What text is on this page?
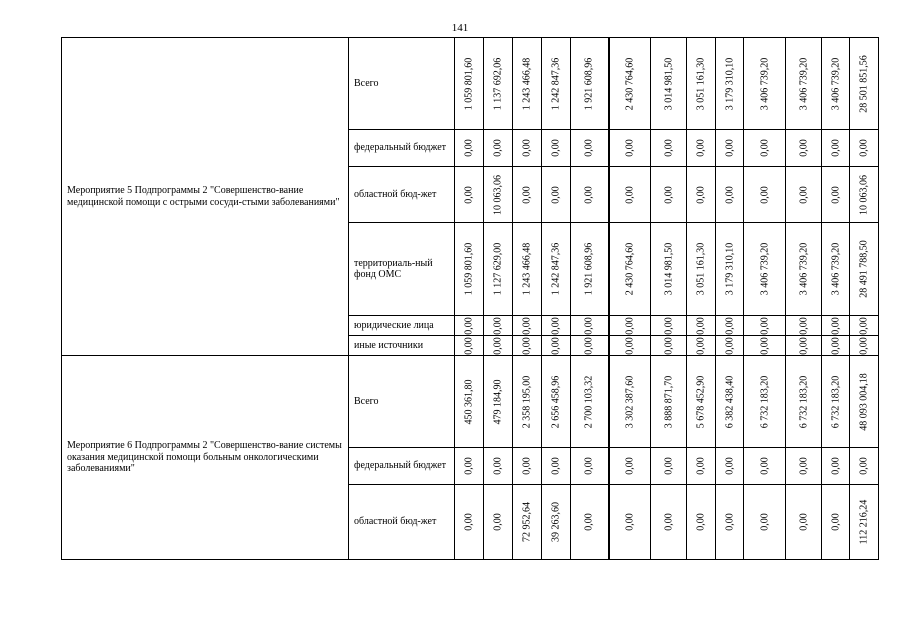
141
Мероприятие 5 Подпрограммы 2 "Совершенство-вание медицинской помощи с острыми сосуди-стыми заболеваниями"	Всего	1 059 801,60	1 137 692,06	1 243 466,48	1 242 847,36	1 921 608,96	2 430 764,60	3 014 981,50	3 051 161,30	3 179 310,10	3 406 739,20	3 406 739,20	3 406 739,20	28 501 851,56

	федеральный бюджет	0,00	0,00	0,00	0,00	0,00	0,00	0,00	0,00	0,00	0,00	0,00	0,00	0,00

	областной бюд-жет	0,00	10 063,06	0,00	0,00	0,00	0,00	0,00	0,00	0,00	0,00	0,00	0,00	10 063,06

	территориаль-ный фонд ОМС	1 059 801,60	1 127 629,00	1 243 466,48	1 242 847,36	1 921 608,96	2 430 764,60	3 014 981,50	3 051 161,30	3 179 310,10	3 406 739,20	3 406 739,20	3 406 739,20	28 491 788,50

	юридические лица	0,00	0,00	0,00	0,00	0,00	0,00	0,00	0,00	0,00	0,00	0,00	0,00	0,00

	иные источники	0,00	0,00	0,00	0,00	0,00	0,00	0,00	0,00	0,00	0,00	0,00	0,00	0,00

Мероприятие 6 Подпрограммы 2 "Совершенство-вание системы оказания медицинской помощи больным онкологическими заболеваниями"	Всего	450 361,80	479 184,90	2 358 195,00	2 656 458,96	2 700 103,32	3 302 387,60	3 888 871,70	5 678 452,90	6 382 438,40	6 732 183,20	6 732 183,20	6 732 183,20	48 093 004,18

	федеральный бюджет	0,00	0,00	0,00	0,00	0,00	0,00	0,00	0,00	0,00	0,00	0,00	0,00	0,00

	областной бюд-жет	0,00	0,00	72 952,64	39 263,60	0,00	0,00	0,00	0,00	0,00	0,00	0,00	0,00	112 216,24
